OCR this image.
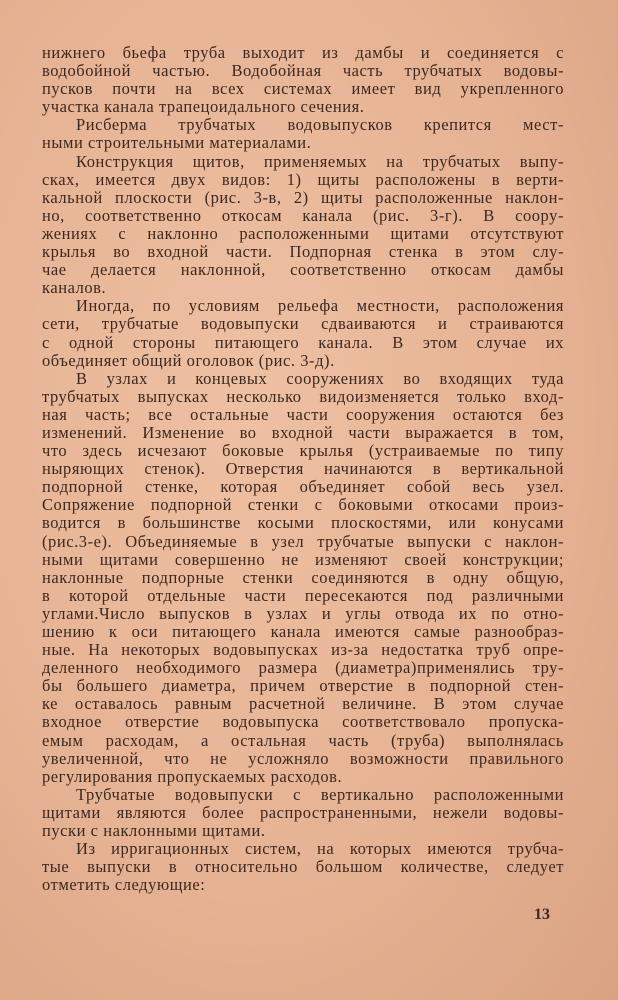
нижнего бьефа труба выходит из дамбы и соединяется с
водобойной частью. Водобойная часть трубчатых водовы-
пусков почти на всех системах имеет вид укрепленного
участка канала трапецоидального сечения.
Рисберма трубчатых водовыпусков крепится мест-
ными строительными материалами.
Конструкция щитов, применяемых на трубчатых выпу-
сках, имеется двух видов: 1) щиты расположены в верти-
кальной плоскости (рис. 3-в, 2) щиты расположенные наклон-
но, соответственно откосам канала (рис. 3-г). В соору-
жениях с наклонно расположенными щитами отсутствуют
крылья во входной части. Подпорная стенка в этом слу-
чае делается наклонной, соответственно откосам дамбы
каналов.
Иногда, по условиям рельефа местности, расположения
сети, трубчатые водовыпуски сдваиваются и страиваются
с одной стороны питающего канала. В этом случае их
объединяет общий оголовок (рис. 3-д).
В узлах и концевых сооружениях во входящих туда
трубчатых выпусках несколько видоизменяется только вход-
ная часть; все остальные части сооружения остаются без
изменений. Изменение во входной части выражается в том,
что здесь исчезают боковые крылья (устраиваемые по типу
ныряющих стенок). Отверстия начинаются в вертикальной
подпорной стенке, которая объединяет собой весь узел.
Сопряжение подпорной стенки с боковыми откосами произ-
водится в большинстве косыми плоскостями, или конусами
(рис.3-е). Объединяемые в узел трубчатые выпуски с наклон-
ными щитами совершенно не изменяют своей конструкции;
наклонные подпорные стенки соединяются в одну общую,
в которой отдельные части пересекаются под различными
углами.Число выпусков в узлах и углы отвода их по отно-
шению к оси питающего канала имеются самые разнообраз-
ные. На некоторых водовыпусках из-за недостатка труб опре-
деленного необходимого размера (диаметра)применялись тру-
бы большего диаметра, причем отверстие в подпорной стен-
ке оставалось равным расчетной величине. В этом случае
входное отверстие водовыпуска соответствовало пропуска-
емым расходам, а остальная часть (труба) выполнялась
увеличенной, что не усложняло возможности правильного
регулирования пропускаемых расходов.
Трубчатые водовыпуски с вертикально расположенными
щитами являются более распространенными, нежели водовы-
пуски с наклонными щитами.
Из ирригационных систем, на которых имеются трубча-
тые выпуски в относительно большом количестве, следует
отметить следующие:
13
